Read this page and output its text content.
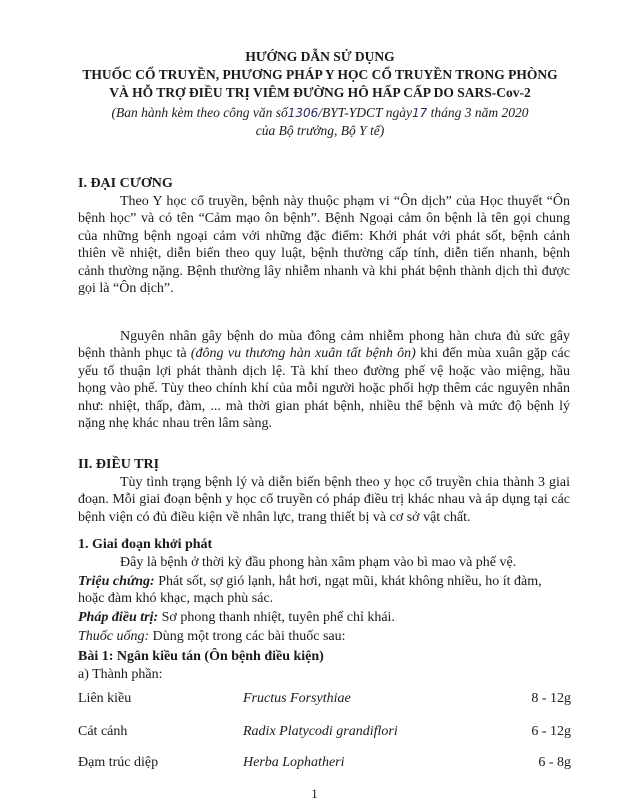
HƯỚNG DẪN SỬ DỤNG
THUỐC CỔ TRUYỀN, PHƯƠNG PHÁP Y HỌC CỔ TRUYỀN TRONG PHÒNG
VÀ HỖ TRỢ ĐIỀU TRỊ VIÊM ĐƯỜNG HÔ HẤP CẤP DO SARS-Cov-2
(Ban hành kèm theo công văn số1306/BYT-YDCT ngày17 tháng 3 năm 2020
của Bộ trưởng, Bộ Y tế)
I. ĐẠI CƯƠNG

Theo Y học cổ truyền, bệnh này thuộc phạm vi “Ôn dịch” của Học thuyết “Ôn bệnh học” và có tên “Cảm mạo ôn bệnh”. Bệnh Ngoại cảm ôn bệnh là tên gọi chung của những bệnh ngoại cảm với những đặc điểm: Khởi phát với phát sốt, bệnh cảnh thiên về nhiệt, diễn biến theo quy luật, bệnh thường cấp tính, diễn tiến nhanh, bệnh cảnh thường nặng. Bệnh thường lây nhiễm nhanh và khi phát bệnh thành dịch thì được gọi là “Ôn dịch”.

Nguyên nhân gây bệnh do mùa đông cảm nhiễm phong hàn chưa đủ sức gây bệnh thành phục tà (đông vu thương hàn xuân tất bệnh ôn) khi đến mùa xuân gặp các yếu tố thuận lợi phát thành dịch lệ. Tà khí theo đường phế vệ hoặc vào miệng, hầu họng vào phế. Tùy theo chính khí của mỗi người hoặc phối hợp thêm các nguyên nhân như: nhiệt, thấp, đàm, ... mà thời gian phát bệnh, nhiều thể bệnh và mức độ bệnh lý nặng nhẹ khác nhau trên lâm sàng.

II. ĐIỀU TRỊ

Tùy tình trạng bệnh lý và diễn biến bệnh theo y học cổ truyền chia thành 3 giai đoạn. Mỗi giai đoạn bệnh y học cổ truyền có pháp điều trị khác nhau và áp dụng tại các bệnh viện có đủ điều kiện về nhân lực, trang thiết bị và cơ sở vật chất.

1. Giai đoạn khởi phát
Đây là bệnh ở thời kỳ đầu phong hàn xâm phạm vào bì mao và phế vệ.
Triệu chứng: Phát sốt, sợ gió lạnh, hắt hơi, ngạt mũi, khát không nhiều, ho ít đàm,
hoặc đàm khó khạc, mạch phù sác.
Pháp điều trị: Sơ phong thanh nhiệt, tuyên phế chỉ khái.
Thuốc uống: Dùng một trong các bài thuốc sau:
Bài 1: Ngân kiều tán (Ôn bệnh điều kiện)
a) Thành phần:
Liên kiều	Fructus Forsythiae	8 - 12g
Cát cánh	Radix Platycodi grandiflori	6 - 12g
Đạm trúc diệp	Herba Lophatheri	6 - 8g
1
